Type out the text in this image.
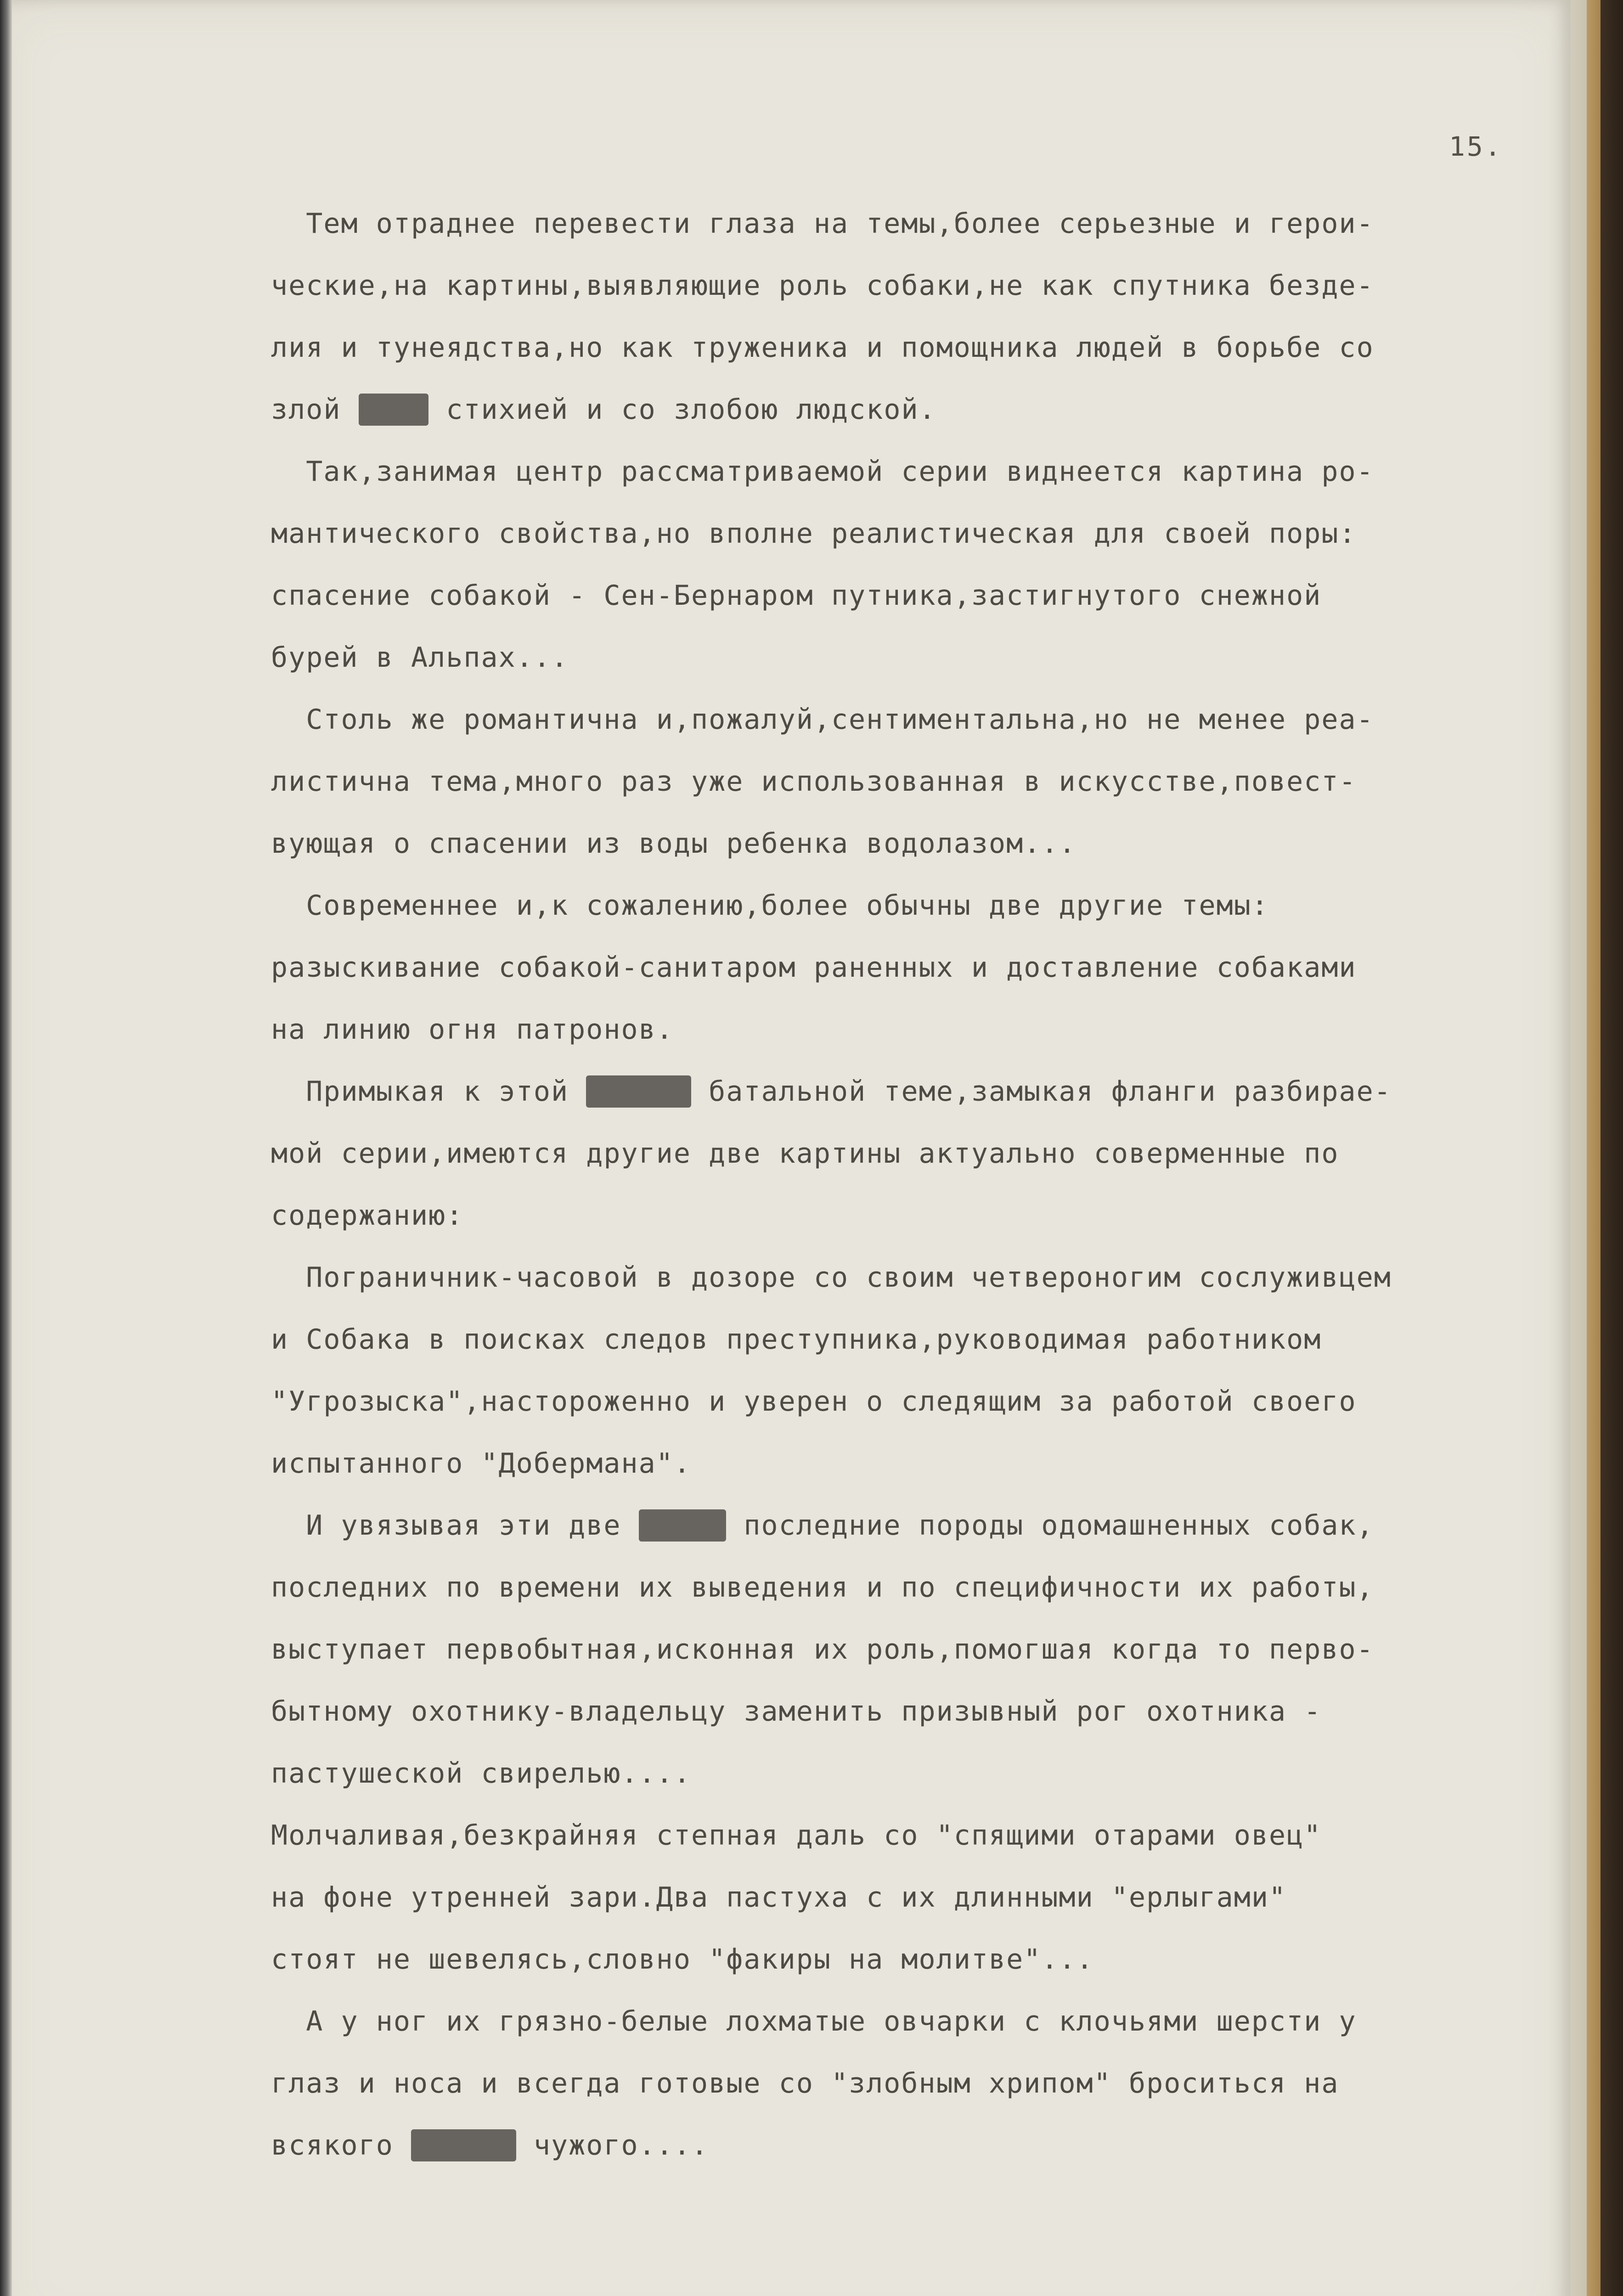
15.
Тем отраднее перевести глаза на темы,более серьезные и герои-
ческие,на картины,выявляющие роль собаки,не как спутника безде-
лия и тунеядства,но как труженика и помощника людей в борьбе со
злой xxxx стихией и со злобою людской.
Так,занимая центр рассматриваемой серии виднеется картина ро-
мантического свойства,но вполне реалистическая для своей поры:
спасение собакой - Сен-Бернаром путника,застигнутого снежной
бурей в Альпах...
Столь же романтична и,пожалуй,сентиментальна,но не менее реа-
листична тема,много раз уже использованная в искусстве,повест-
вующая о спасении из воды ребенка водолазом...
Современнее и,к сожалению,более обычны две другие темы:
разыскивание собакой-санитаром раненных и доставление собаками
на линию огня патронов.
Примыкая к этой к этой батальной теме,замыкая фланги разбирае-
мой серии,имеются другие две картины актуально соверменные по
содержанию:
Пограничник-часовой в дозоре со своим четвероногим сослуживцем
и Собака в поисках следов преступника,руководимая работником
"Угрозыска",настороженно и уверен о следящим за работой своего
испытанного "Добермана".
И увязывая эти две xxxxx последние породы одомашненных собак,
последних по времени их выведения и по специфичности их работы,
выступает первобытная,исконная их роль,помогшая когда то перво-
бытному охотнику-владельцу заменить призывный рог охотника -
пастушеской свирелью....
Молчаливая,безкрайняя степная даль со "спящими отарами овец"
на фоне утренней зари.Два пастуха с их длинными "ерлыгами"
стоят не шевелясь,словно "факиры на молитве"...
А у ног их грязно-белые лохматые овчарки с клочьями шерсти у
глаз и носа и всегда готовые со "злобным хрипом" броситься на
всякого xxxxxx чужого....
